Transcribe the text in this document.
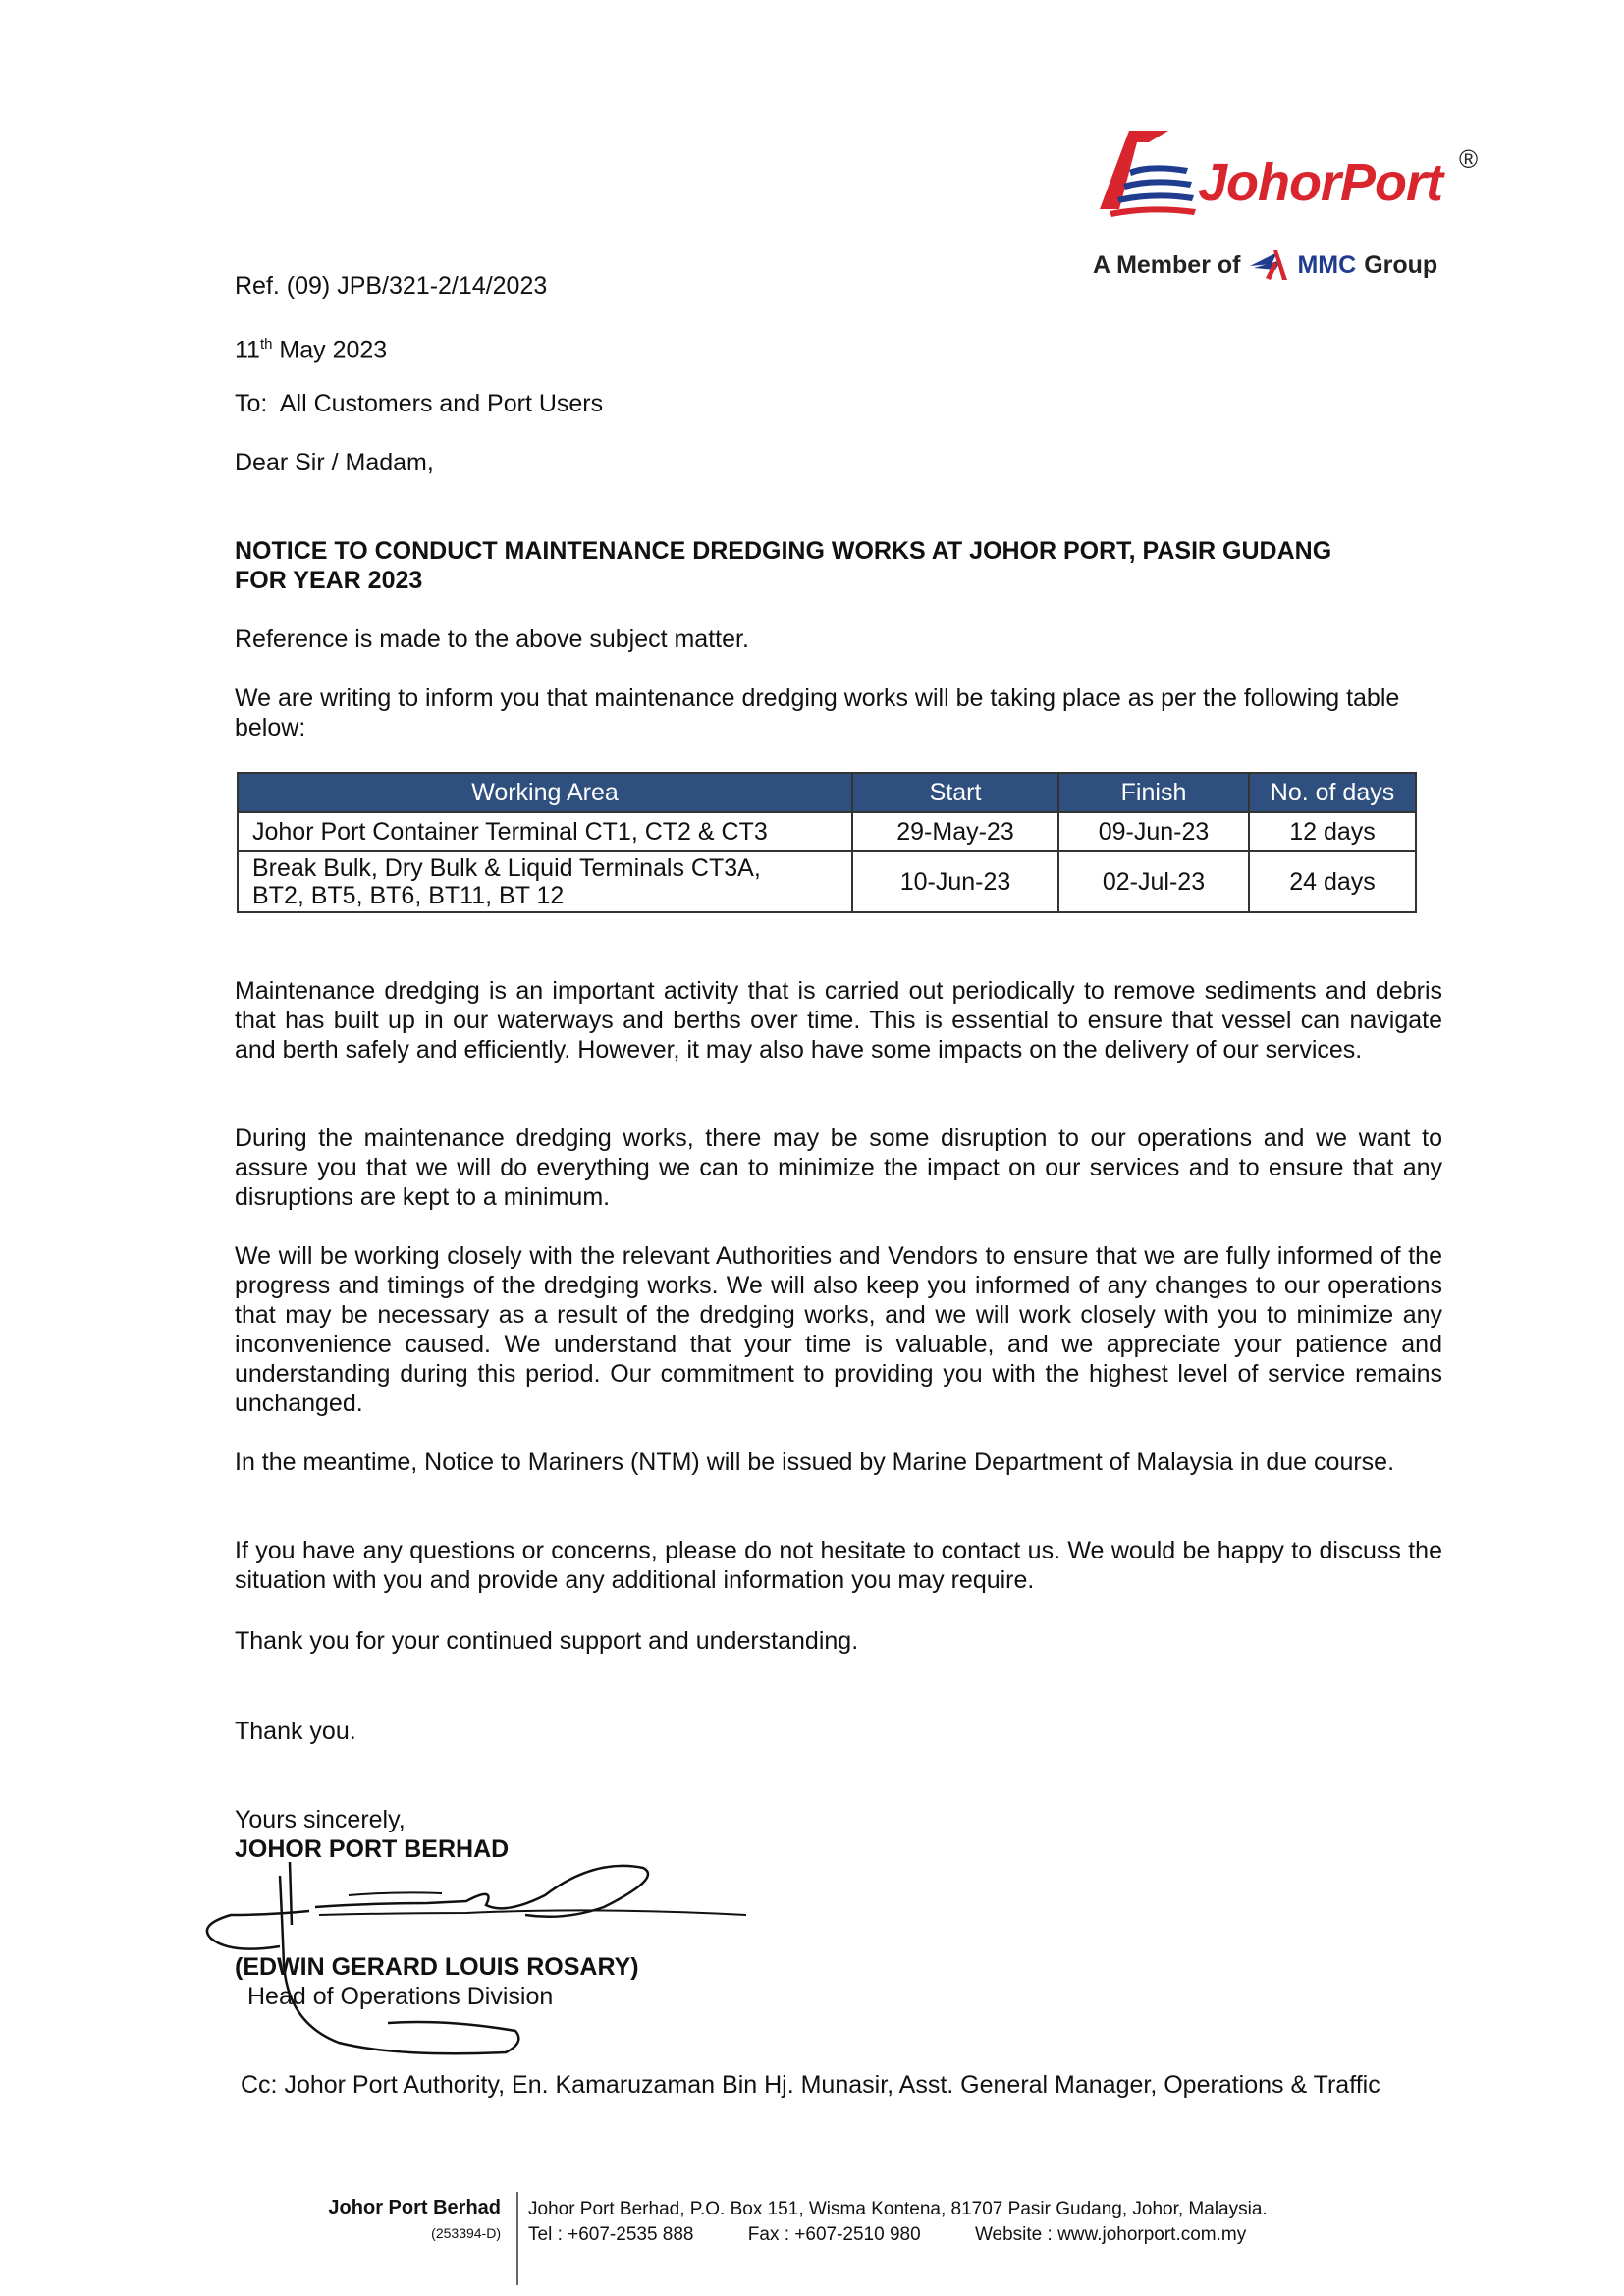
JohorPort ®
A Member of MMC Group
Ref. (09) JPB/321-2/14/2023
11th May 2023
To:  All Customers and Port Users
Dear Sir / Madam,
NOTICE TO CONDUCT MAINTENANCE DREDGING WORKS AT JOHOR PORT, PASIR GUDANG
FOR YEAR 2023
Reference is made to the above subject matter.
We are writing to inform you that maintenance dredging works will be taking place as per the following table below:
Working Area	Start	Finish	No. of days

Johor Port Container Terminal CT1, CT2 & CT3	29-May-23	09-Jun-23	12 days

Break Bulk, Dry Bulk & Liquid Terminals CT3A,
BT2, BT5, BT6, BT11, BT 12	10-Jun-23	02-Jul-23	24 days
Maintenance dredging is an important activity that is carried out periodically to remove sediments and debris that has built up in our waterways and berths over time. This is essential to ensure that vessel can navigate and berth safely and efficiently. However, it may also have some impacts on the delivery of our services.
During the maintenance dredging works, there may be some disruption to our operations and we want to assure you that we will do everything we can to minimize the impact on our services and to ensure that any disruptions are kept to a minimum.
We will be working closely with the relevant Authorities and Vendors to ensure that we are fully informed of the progress and timings of the dredging works. We will also keep you informed of any changes to our operations that may be necessary as a result of the dredging works, and we will work closely with you to minimize any inconvenience caused. We understand that your time is valuable, and we appreciate your patience and understanding during this period. Our commitment to providing you with the highest level of service remains unchanged.
In the meantime, Notice to Mariners (NTM) will be issued by Marine Department of Malaysia in due course.
If you have any questions or concerns, please do not hesitate to contact us. We would be happy to discuss the situation with you and provide any additional information you may require.
Thank you for your continued support and understanding.
Thank you.
Yours sincerely,
JOHOR PORT BERHAD
(EDWIN GERARD LOUIS ROSARY)
Head of Operations Division
Cc: Johor Port Authority, En. Kamaruzaman Bin Hj. Munasir, Asst. General Manager, Operations & Traffic
Johor Port Berhad
(253394-D)
Johor Port Berhad, P.O. Box 151, Wisma Kontena, 81707 Pasir Gudang, Johor, Malaysia.
Tel : +607-2535 888	Fax : +607-2510 980	Website : www.johorport.com.my
